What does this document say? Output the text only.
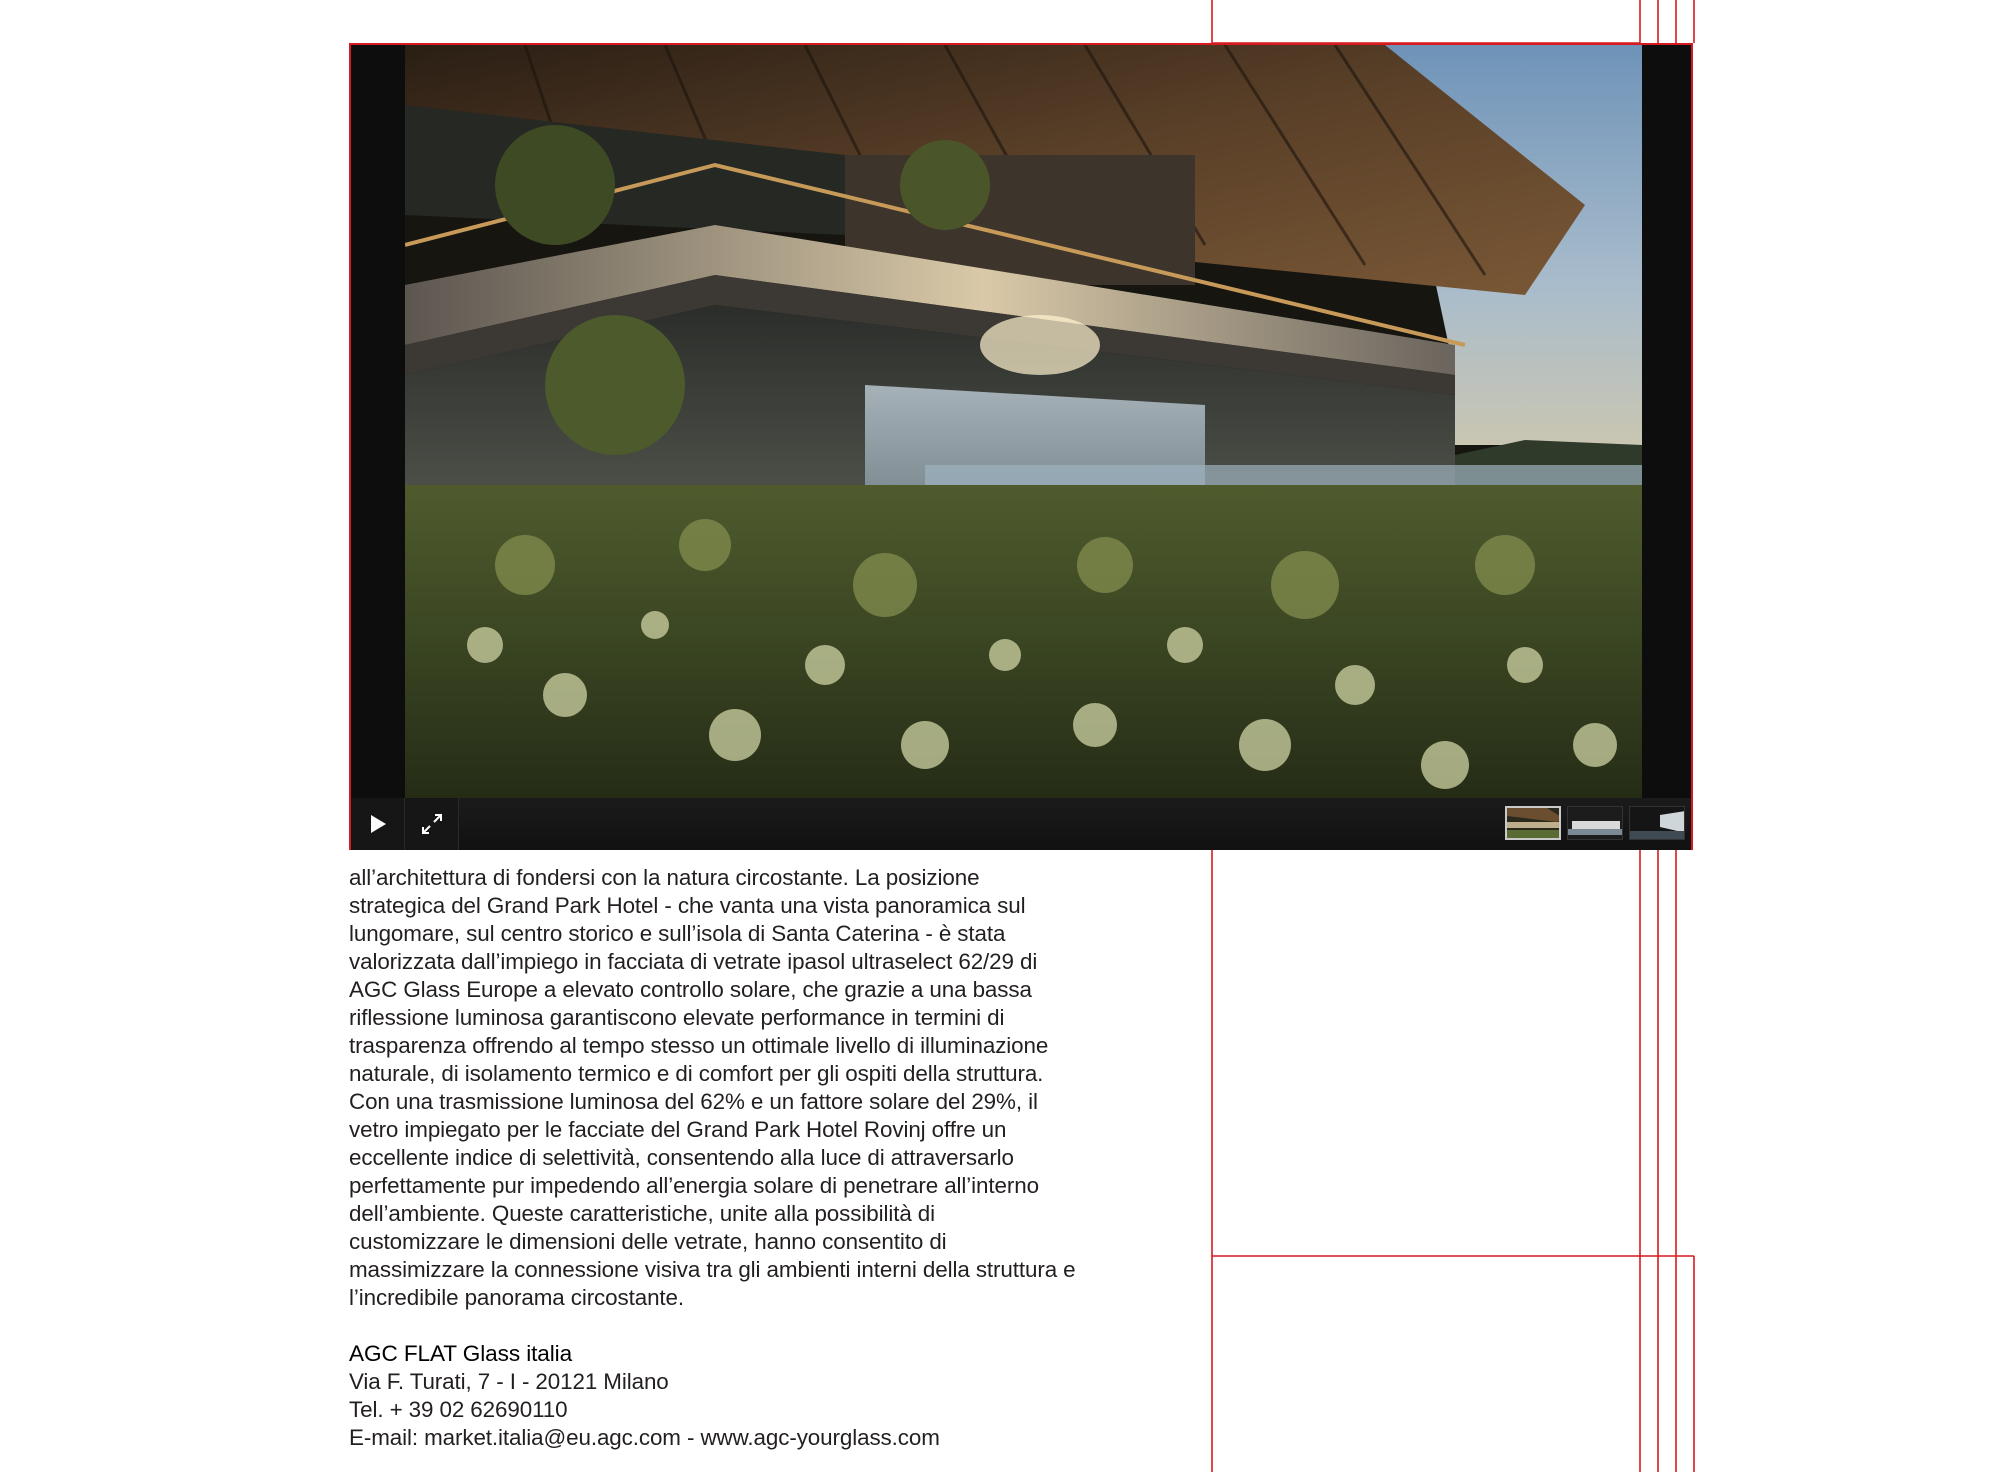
all’architettura di fondersi con la natura circostante. La posizione
strategica del Grand Park Hotel - che vanta una vista panoramica sul
lungomare, sul centro storico e sull’isola di Santa Caterina - è stata
valorizzata dall’impiego in facciata di vetrate ipasol ultraselect 62/29 di
AGC Glass Europe a elevato controllo solare, che grazie a una bassa
riflessione luminosa garantiscono elevate performance in termini di
trasparenza offrendo al tempo stesso un ottimale livello di illuminazione
naturale, di isolamento termico e di comfort per gli ospiti della struttura.
Con una trasmissione luminosa del 62% e un fattore solare del 29%, il
vetro impiegato per le facciate del Grand Park Hotel Rovinj offre un
eccellente indice di selettività, consentendo alla luce di attraversarlo
perfettamente pur impedendo all’energia solare di penetrare all’interno
dell’ambiente. Queste caratteristiche, unite alla possibilità di
customizzare le dimensioni delle vetrate, hanno consentito di
massimizzare la connessione visiva tra gli ambienti interni della struttura e
l’incredibile panorama circostante.

AGC FLAT Glass italia
Via F. Turati, 7 - I - 20121 Milano
Tel. + 39 02 62690110
E-mail: market.italia@eu.agc.com - www.agc-yourglass.com
